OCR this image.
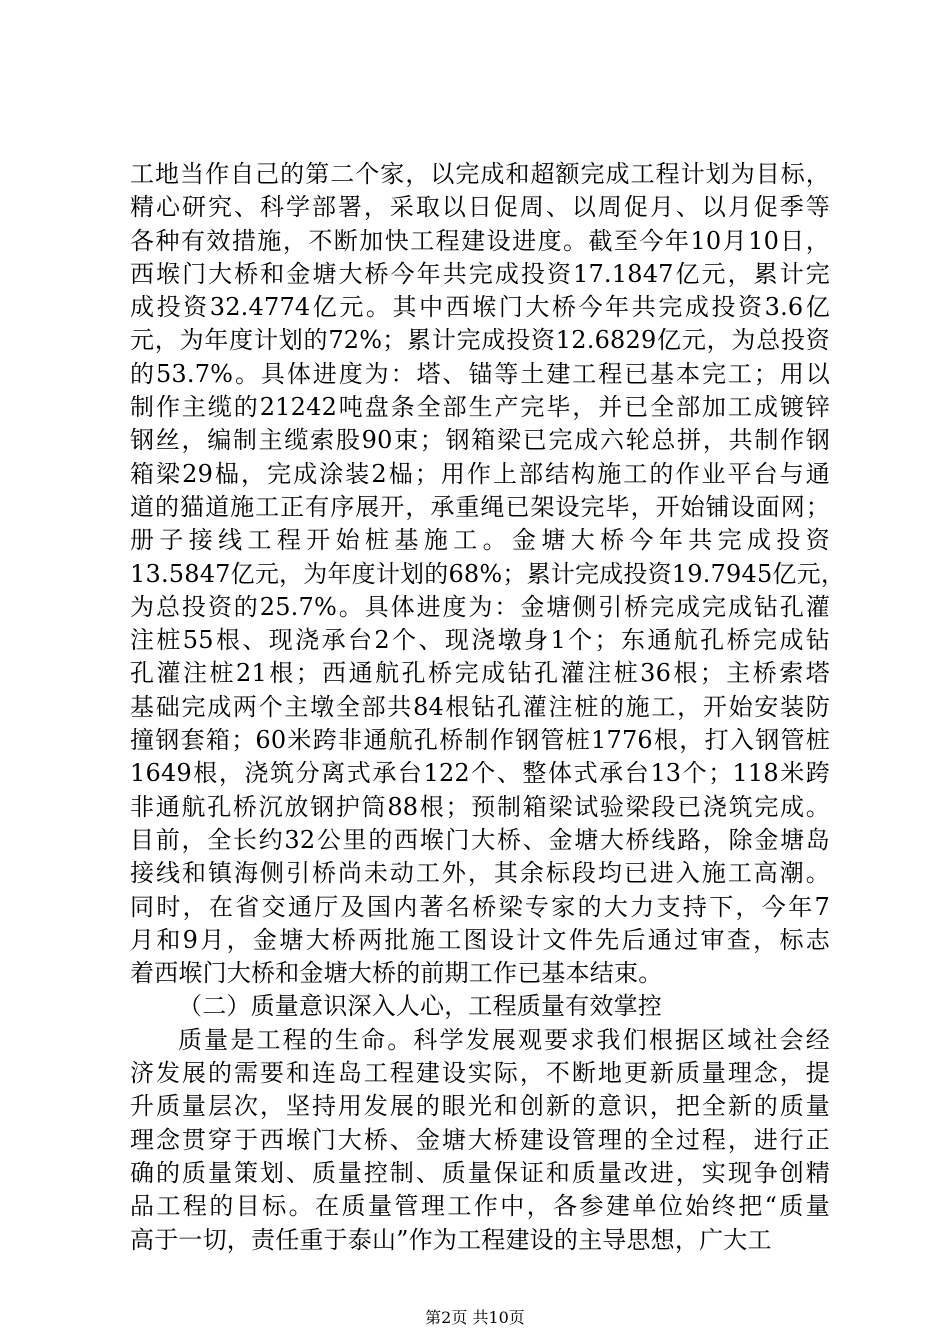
工地当作自己的第二个家，以完成和超额完成工程计划为目标，
精心研究、科学部署，采取以日促周、以周促月、以月促季等
各种有效措施，不断加快工程建设进度。截至今年10月10日，
西堠门大桥和金塘大桥今年共完成投资17.1847亿元，累计完
成投资32.4774亿元。其中西堠门大桥今年共完成投资3.6亿
元，为年度计划的72%；累计完成投资12.6829亿元，为总投资
的53.7%。具体进度为：塔、锚等土建工程已基本完工；用以
制作主缆的21242吨盘条全部生产完毕，并已全部加工成镀锌
钢丝，编制主缆索股90束；钢箱梁已完成六轮总拼，共制作钢
箱梁29榀，完成涂装2榀；用作上部结构施工的作业平台与通
道的猫道施工正有序展开，承重绳已架设完毕，开始铺设面网；
册子接线工程开始桩基施工。金塘大桥今年共完成投资
13.5847亿元，为年度计划的68%；累计完成投资19.7945亿元，
为总投资的25.7%。具体进度为：金塘侧引桥完成完成钻孔灌
注桩55根、现浇承台2个、现浇墩身1个；东通航孔桥完成钻
孔灌注桩21根；西通航孔桥完成钻孔灌注桩36根；主桥索塔
基础完成两个主墩全部共84根钻孔灌注桩的施工，开始安装防
撞钢套箱；60米跨非通航孔桥制作钢管桩1776根，打入钢管桩
1649根，浇筑分离式承台122个、整体式承台13个；118米跨
非通航孔桥沉放钢护筒88根；预制箱梁试验梁段已浇筑完成。
目前，全长约32公里的西堠门大桥、金塘大桥线路，除金塘岛
接线和镇海侧引桥尚未动工外，其余标段均已进入施工高潮。
同时，在省交通厅及国内著名桥梁专家的大力支持下，今年7
月和9月，金塘大桥两批施工图设计文件先后通过审查，标志
着西堠门大桥和金塘大桥的前期工作已基本结束。
（二）质量意识深入人心，工程质量有效掌控
质量是工程的生命。科学发展观要求我们根据区域社会经
济发展的需要和连岛工程建设实际，不断地更新质量理念，提
升质量层次，坚持用发展的眼光和创新的意识，把全新的质量
理念贯穿于西堠门大桥、金塘大桥建设管理的全过程，进行正
确的质量策划、质量控制、质量保证和质量改进，实现争创精
品工程的目标。在质量管理工作中，各参建单位始终把“质量
高于一切，责任重于泰山”作为工程建设的主导思想，广大工
第2页 共10页
